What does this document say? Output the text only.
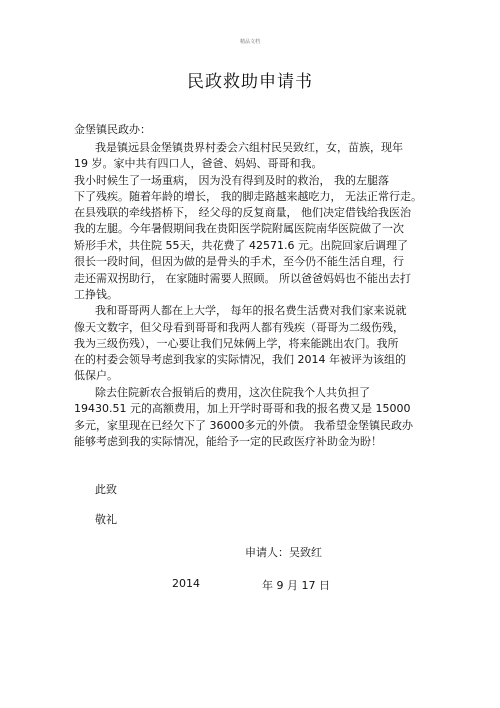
精品文档
民政救助申请书
金堡镇民政办：
我是镇远县金堡镇贵界村委会六组村民吴致红，女，苗族，现年
19 岁。家中共有四口人，爸爸、妈妈、哥哥和我。
我小时候生了一场重病， 因为没有得到及时的救治， 我的左腿落
下了残疾。随着年龄的增长， 我的脚走路越来越吃力， 无法正常行走。
在县残联的牵线搭桥下， 经父母的反复商量， 他们决定借钱给我医治
我的左腿。今年暑假期间我在贵阳医学院附属医院南华医院做了一次
矫形手术，共住院 55天，共花费了 42571.6 元。出院回家后调理了
很长一段时间，但因为做的是骨头的手术，至今仍不能生活自理，行
走还需双拐助行， 在家随时需要人照顾。 所以爸爸妈妈也不能出去打
工挣钱。
我和哥哥两人都在上大学， 每年的报名费生活费对我们家来说就
像天文数字，但父母看到哥哥和我两人都有残疾（哥哥为二级伤残，
我为三级伤残），一心要让我们兄妹俩上学，将来能跳出农门。我所
在的村委会领导考虑到我家的实际情况，我们 2014 年被评为该组的
低保户。
除去住院新农合报销后的费用，这次住院我个人共负担了
19430.51 元的高额费用，加上开学时哥哥和我的报名费又是 15000
多元，家里现在已经欠下了 36000多元的外债。 我希望金堡镇民政办
能够考虑到我的实际情况，能给予一定的民政医疗补助金为盼！
此致
敬礼
申请人：吴致红
2014	年 9 月 17 日
